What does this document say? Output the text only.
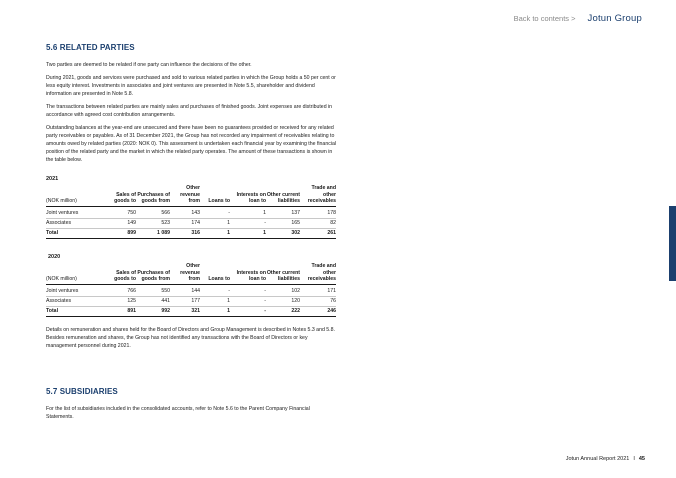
Back to contents > Jotun Group
5.6 RELATED PARTIES

Two parties are deemed to be related if one party can influence the decisions of the other.

During 2021, goods and services were purchased and sold to various related parties in which the Group holds a 50 per cent or less equity interest. Investments in associates and joint ventures are presented in Note 5.5, shareholder and dividend information are presented in Note 5.8.

The transactions between related parties are mainly sales and purchases of finished goods. Joint expenses are distributed in accordance with agreed cost contribution arrangements.

Outstanding balances at the year-end are unsecured and there have been no guarantees provided or received for any related party receivables or payables. As of 31 December 2021, the Group has not recorded any impairment of receivables relating to amounts owed by related parties (2020: NOK 0). This assessment is undertaken each financial year by examining the financial position of the related party and the market in which the related party operates. The amount of these transactions is shown in the table below.

2021
(NOK million)	Sales of goods to	Purchases of goods from	Other revenue from	Loans to	Interests on loan to	Other current liabilities	Trade and other receivables
Joint ventures	750	566	143	-	1	137	178
Associates	149	523	174	1	-	165	82
Total	899	1 089	316	1	1	302	261
2020
(NOK million)	Sales of goods to	Purchases of goods from	Other revenue from	Loans to	Interests on loan to	Other current liabilities	Trade and other receivables
Joint ventures	766	550	144	-	-	102	171
Associates	125	441	177	1	-	120	76
Total	891	992	321	1	-	222	246

Details on remuneration and shares held for the Board of Directors and Group Management is described in Notes 5.3 and 5.8. Besides remuneration and shares, the Group has not identified any transactions with the Board of Directors or key management personnel during 2021.

5.7 SUBSIDIARIES

For the list of subsidiaries included in the consolidated accounts, refer to Note 5.6 to the Parent Company Financial Statements.

Jotun Annual Report 2021 I 45
